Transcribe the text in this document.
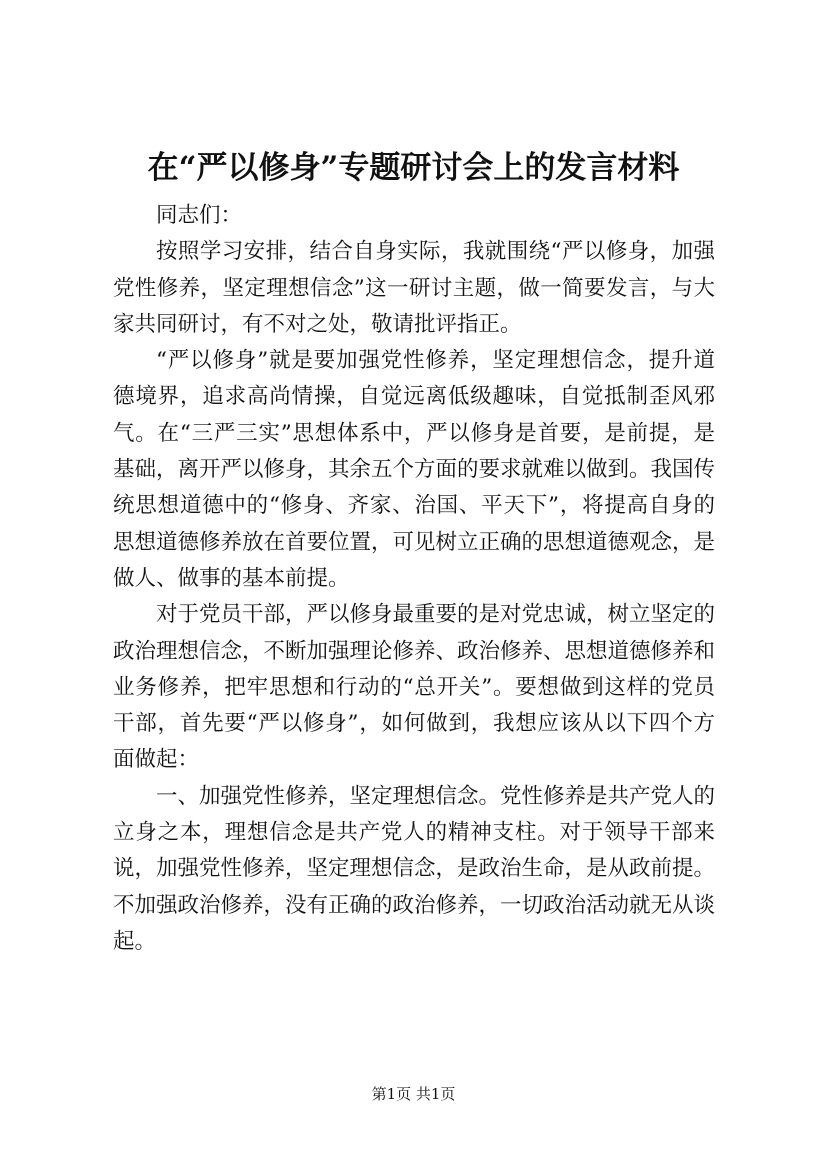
在“严以修身”专题研讨会上的发言材料

同志们：

按照学习安排，结合自身实际，我就围绕“严以修身，加强党性修养，坚定理想信念”这一研讨主题，做一简要发言，与大家共同研讨，有不对之处，敬请批评指正。

“严以修身”就是要加强党性修养，坚定理想信念，提升道德境界，追求高尚情操，自觉远离低级趣味，自觉抵制歪风邪气。在“三严三实”思想体系中，严以修身是首要，是前提，是基础，离开严以修身，其余五个方面的要求就难以做到。我国传统思想道德中的“修身、齐家、治国、平天下”，将提高自身的思想道德修养放在首要位置，可见树立正确的思想道德观念，是做人、做事的基本前提。

对于党员干部，严以修身最重要的是对党忠诚，树立坚定的政治理想信念，不断加强理论修养、政治修养、思想道德修养和业务修养，把牢思想和行动的“总开关”。要想做到这样的党员干部，首先要“严以修身”，如何做到，我想应该从以下四个方面做起：

一、加强党性修养，坚定理想信念。党性修养是共产党人的立身之本，理想信念是共产党人的精神支柱。对于领导干部来说，加强党性修养，坚定理想信念，是政治生命，是从政前提。不加强政治修养，没有正确的政治修养，一切政治活动就无从谈起。

第1页 共1页
